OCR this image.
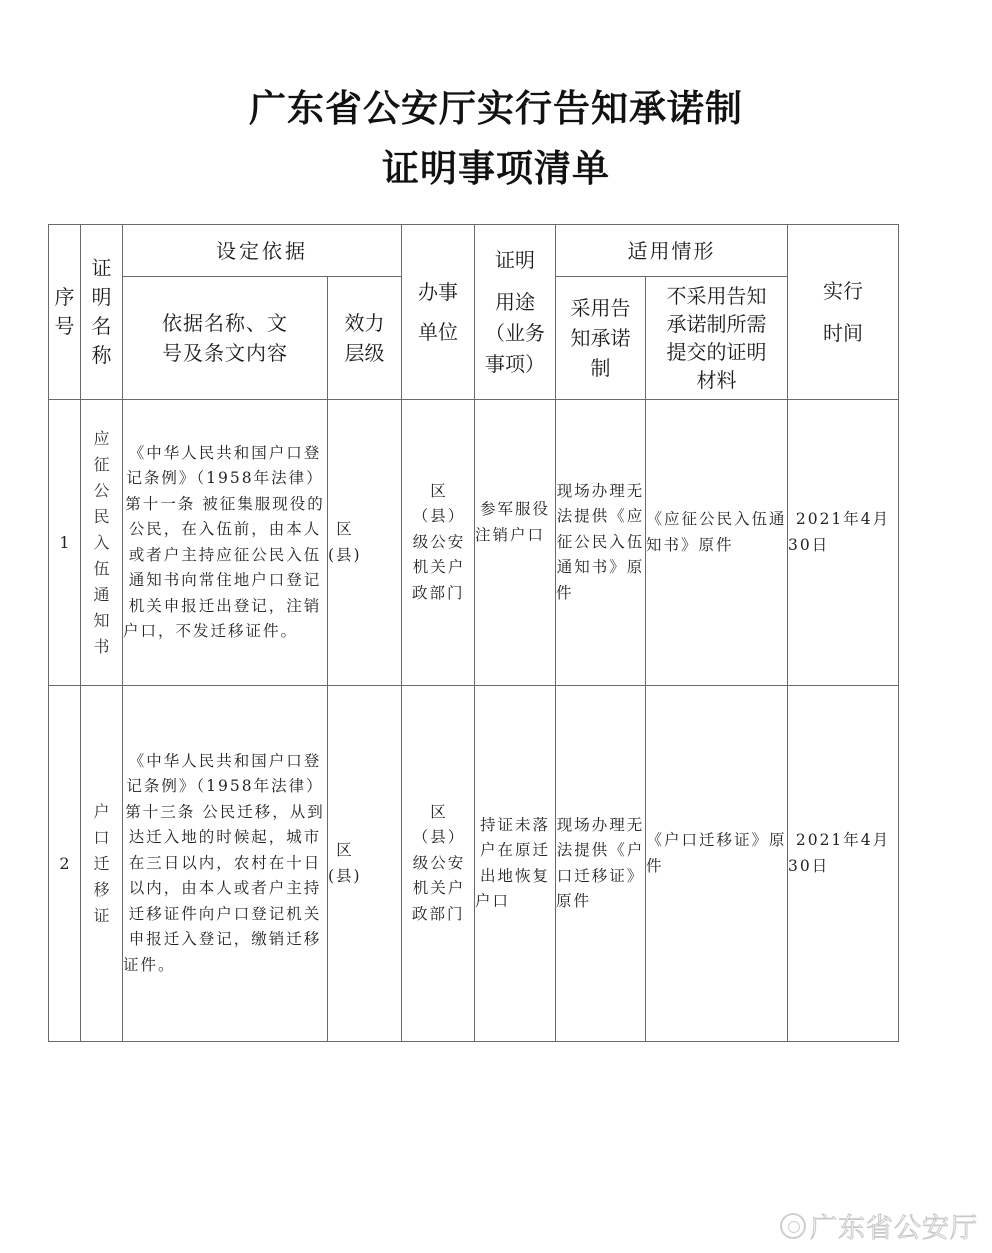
广东省公安厅实行告知承诺制
证明事项清单
序号	证明名称	设定依据		办事单位	证明
用途（业务事项）	适用情形		实行时间
		依据名称、文号及条文内容	效力层级			采用告知承诺制	不采用告知承诺制所需提交的证明材料	
1	应征公民入伍通知书	《中华人民共和国户口登记条例》（1958年法律）第十一条 被征集服现役的公民，在入伍前，由本人或者户主持应征公民入伍通知书向常住地户口登记机关申报迁出登记，注销户口，不发迁移证件。	区(县)	区（县）级公安机关户政部门	参军服役注销户口	现场办理无法提供《应征公民入伍通知书》原件	《应征公民入伍通知书》原件	2021年4月30日
2	户口迁移证	《中华人民共和国户口登记条例》（1958年法律）第十三条 公民迁移，从到达迁入地的时候起，城市在三日以内，农村在十日以内，由本人或者户主持迁移证件向户口登记机关申报迁入登记，缴销迁移证件。	区(县)	区（县）级公安机关户政部门	持证未落户在原迁出地恢复户口	现场办理无法提供《户口迁移证》原件	《户口迁移证》原件	2021年4月30日
广东省公安厅
